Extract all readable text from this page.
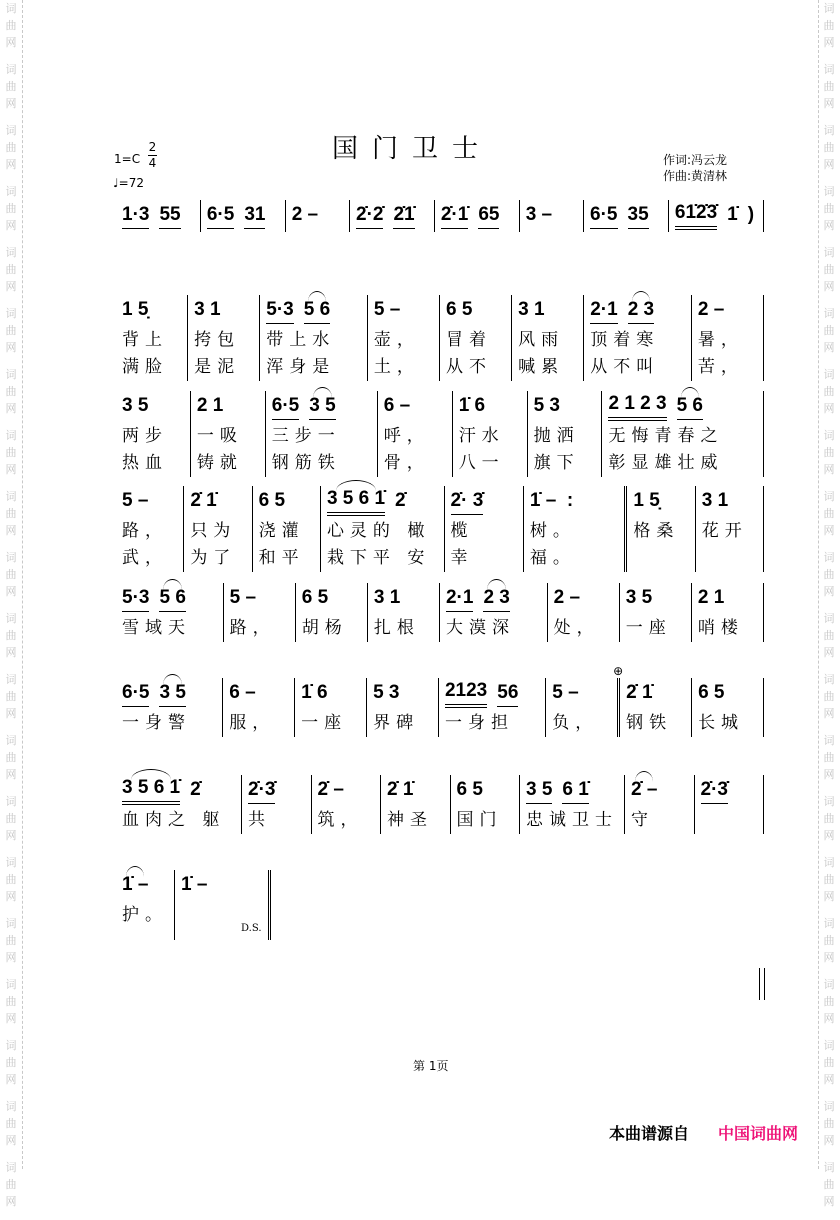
词
曲
网
词
曲
网
词
曲
网
词
曲
网
词
曲
网
词
曲
网
词
曲
网
词
曲
网
词
曲
网
词
曲
网
词
曲
网
词
曲
网
词
曲
网
词
曲
网
词
曲
网
词
曲
网
词
曲
网
词
曲
网
词
曲
网
词
曲
网
词
曲
网
词
曲
网
词
曲
网
词
曲
网
词
曲
网
词
曲
网
词
曲
网
词
曲
网
词
曲
网
词
曲
网
词
曲
网
词
曲
网
词
曲
网
词
曲
网
词
曲
网
词
曲
网
词
曲
网
词
曲
网
词
曲
网
词
曲
网
国门卫士
1=C
2
4
♩=72
作词:冯云龙
作曲:黄清林
1·3 55 6·5 31 2 – 2̇·2̇ 2̇1̇ 2̇·1̇ 65 3 – 6·5 35 61̇2̇3̇ 1̇ )
1 5̣
背上
满脸
3 1
挎包
是泥
5·3 5 6
带上水
浑身是
5 –
壶，
土，
6 5
冒着
从不
3 1
风雨
喊累
2·1 2 3
顶着寒
从不叫
2 –
暑，
苦，
3 5
两步
热血
2 1
一吸
铸就
6·5 3 5
三步一
钢筋铁
6 –
呼，
骨，
1̇ 6
汗水
八一
5 3
抛洒
旗下
2 1 2 3 5 6
无悔青春之
彰显雄壮威
5 –
路，
武，
2̇ 1̇
只为
为了
6 5
浇灌
和平
3 5 6 1̇ 2̇
心灵的 橄
栽下平 安
2̇· 3̇
榄
幸
1̇ –  :
树。
福。
1 5̣
格桑
3 1
花开
5·3 5 6
雪域天
5 –
路，
6 5
胡杨
3 1
扎根
2·1 2 3
大漠深
2 –
处，
3 5
一座
2 1
哨楼
6·5 3 5
一身警
6 –
服，
1̇ 6
一座
5 3
界碑
2123 56
一身担
5 –
⊕
负，
2̇ 1̇
钢铁
6 5
长城
3 5 6 1̇ 2̇
血肉之 躯
2̇·3̇
共
2̇ –
筑，
2̇ 1̇
神圣
6 5
国门
3 5 6 1̇
忠诚卫士
2̇ –
守
2̇·3̇
1̇ –
护。
1̇ –
D.S.
第 1页
本曲谱源自 中国词曲网
